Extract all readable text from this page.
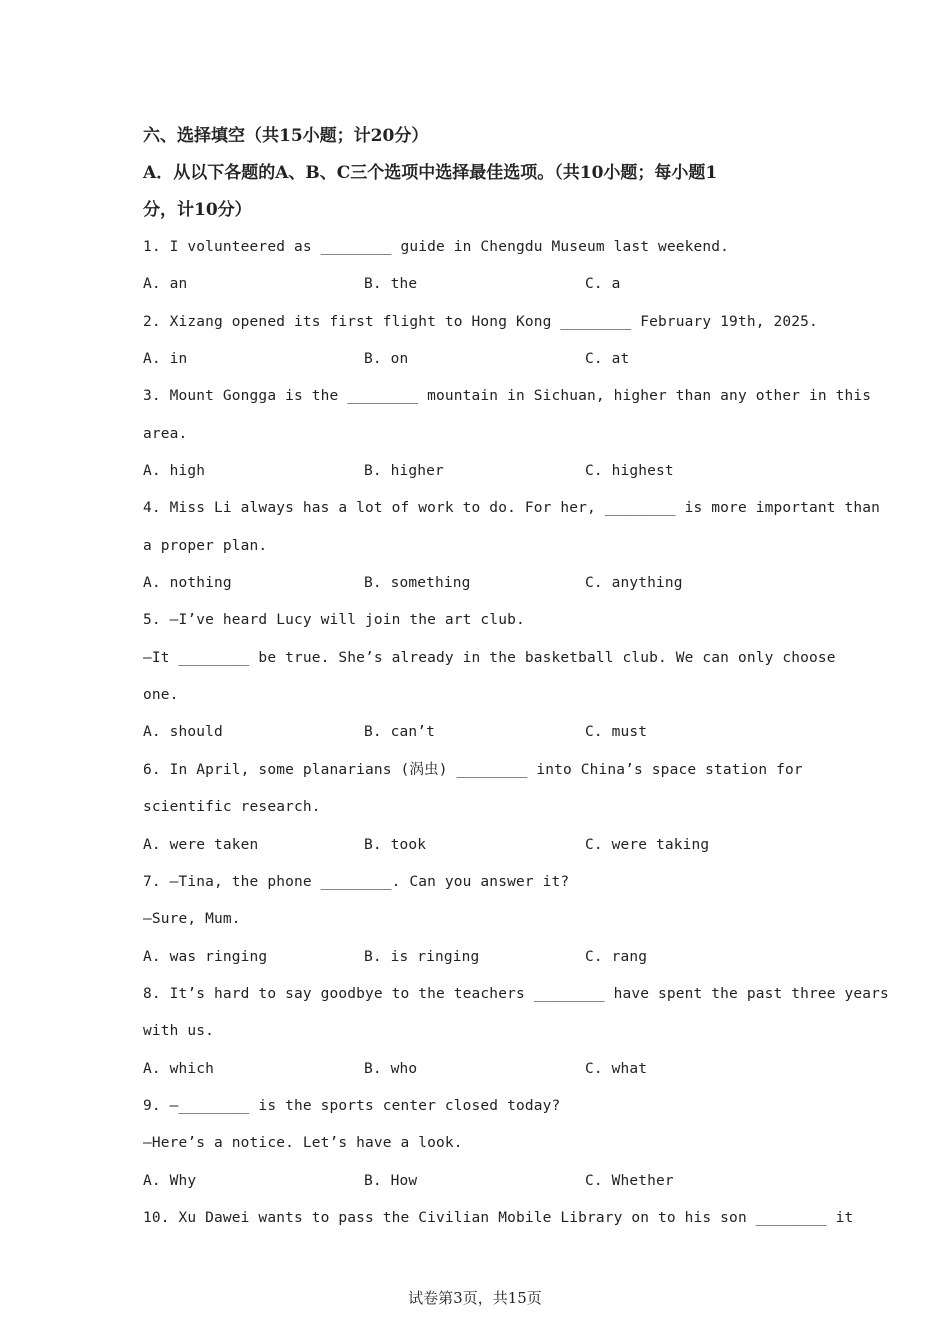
六、选择填空（共15小题；计20分）
A．从以下各题的A、B、C三个选项中选择最佳选项。（共10小题；每小题1
分，计10分）
1. I volunteered as ________ guide in Chengdu Museum last weekend.
A. an	B. the	C. a
2. Xizang opened its first flight to Hong Kong ________ February 19th, 2025.
A. in	B. on	C. at
3. Mount Gongga is the ________ mountain in Sichuan, higher than any other in this
area.
A. high	B. higher	C. highest
4. Miss Li always has a lot of work to do. For her, ________ is more important than
a proper plan.
A. nothing	B. something	C. anything
5. —I’ve heard Lucy will join the art club.
—It ________ be true. She’s already in the basketball club. We can only choose
one.
A. should	B. can’t	C. must
6. In April, some planarians (涡虫) ________ into China’s space station for
scientific research.
A. were taken	B. took	C. were taking
7. —Tina, the phone ________. Can you answer it?
—Sure, Mum.
A. was ringing	B. is ringing	C. rang
8. It’s hard to say goodbye to the teachers ________ have spent the past three years
with us.
A. which	B. who	C. what
9. —________ is the sports center closed today?
—Here’s a notice. Let’s have a look.
A. Why	B. How	C. Whether
10. Xu Dawei wants to pass the Civilian Mobile Library on to his son ________ it
试卷第3页，共15页
